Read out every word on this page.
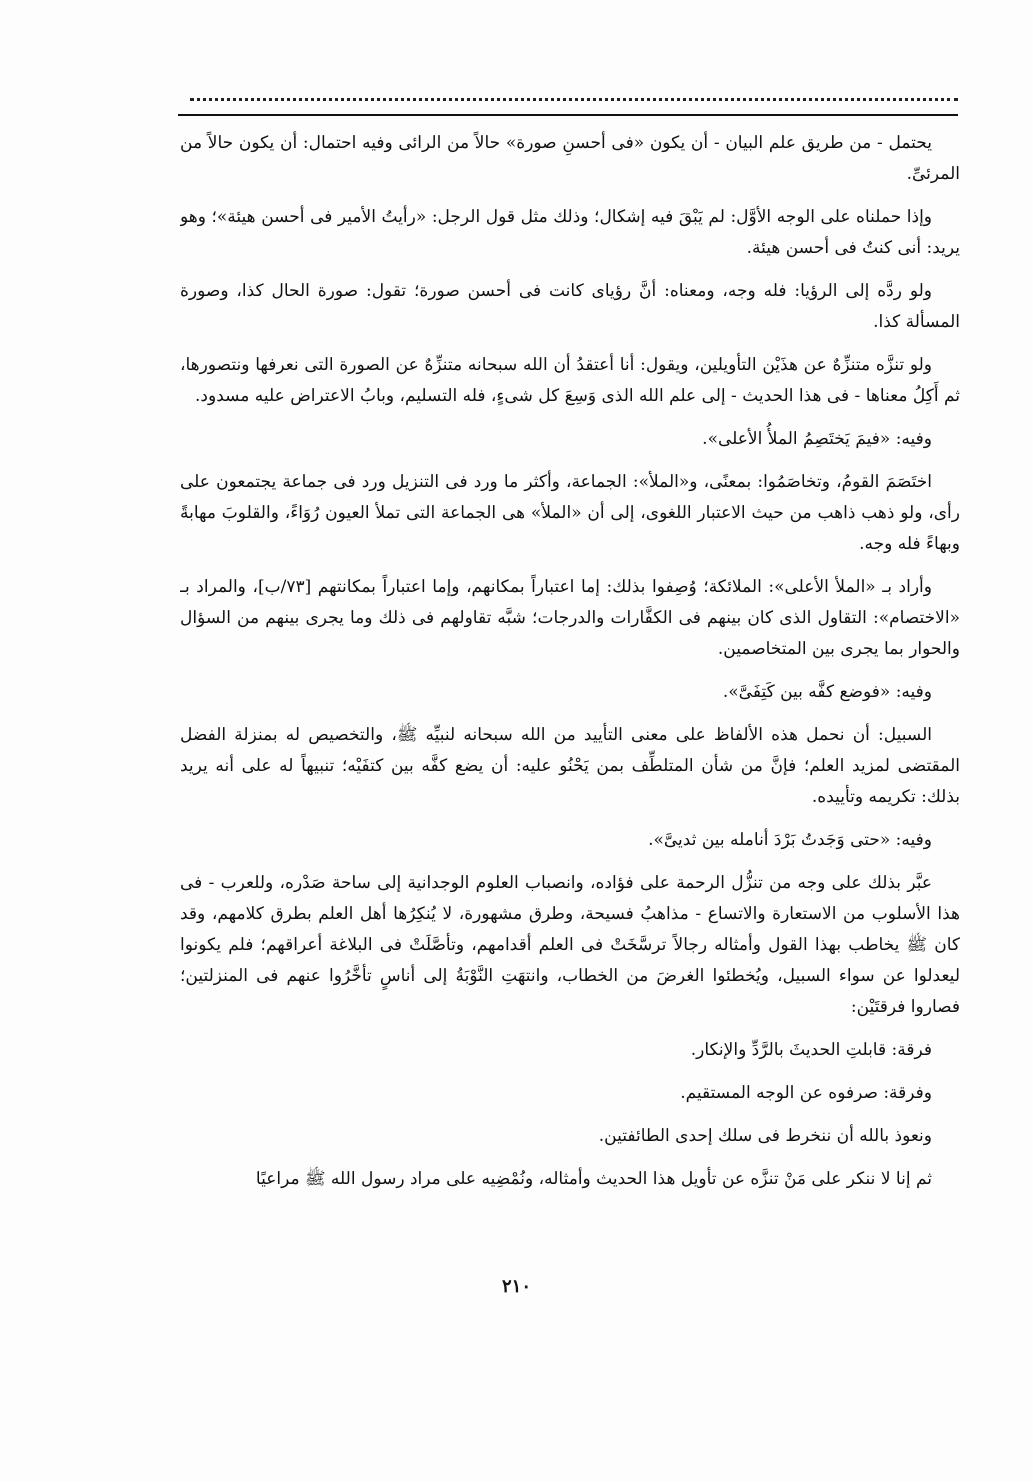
يحتمل - من طريق علم البيان - أن يكون «فى أحسنِ صورة» حالاً من الرائى وفيه احتمال: أن يكون حالاً من المرئىِّ.

وإذا حملناه على الوجه الأوَّل: لم يَبْقَ فيه إشكال؛ وذلك مثل قول الرجل: «رأيتُ الأمير فى أحسن هيئة»؛ وهو يريد: أنى كنتُ فى أحسن هيئة.

ولو ردَّه إلى الرؤيا: فله وجه، ومعناه: أنَّ رؤياى كانت فى أحسن صورة؛ تقول: صورة الحال كذا، وصورة المسألة كذا.

ولو تنزَّه متنزِّهٌ عن هذَيْن التأويلين، ويقول: أنا أعتقدُ أن الله سبحانه متنزِّهٌ عن الصورة التى نعرفها ونتصورها، ثم أَكِلُ معناها - فى هذا الحديث - إلى علم الله الذى وَسِعَ كل شىءٍ، فله التسليم، وبابُ الاعتراض عليه مسدود.

وفيه: «فيمَ يَختَصِمُ الملأُ الأعلى».

اختَصَمَ القومُ، وتخاصَمُوا: بمعنًى، و«الملأ»: الجماعة، وأكثر ما ورد فى التنزيل ورد فى جماعة يجتمعون على رأى، ولو ذهب ذاهب من حيث الاعتبار اللغوى، إلى أن «الملأ» هى الجماعة التى تملأ العيون رُوَاءً، والقلوبَ مهابةً وبهاءً فله وجه.

وأراد بـ «الملأ الأعلى»: الملائكة؛ وُصِفوا بذلك: إما اعتباراً بمكانهم، وإما اعتباراً بمكانتهم [٧٣/ب]، والمراد بـ «الاختصام»: التقاول الذى كان بينهم فى الكفَّارات والدرجات؛ شبَّه تقاولهم فى ذلك وما يجرى بينهم من السؤال والحوار بما يجرى بين المتخاصمين.

وفيه: «فوضع كفَّه بين كَتِفَىَّ».

السبيل: أن نحمل هذه الألفاظ على معنى التأييد من الله سبحانه لنبيِّه ﷺ، والتخصيص له بمنزلة الفضل المقتضى لمزيد العلم؛ فإنَّ من شأن المتلطِّف بمن يَحْنُو عليه: أن يضع كفَّه بين كتفَيْه؛ تنبيهاً له على أنه يريد بذلك: تكريمه وتأييده.

وفيه: «حتى وَجَدتُ بَرْدَ أنامله بين ثديىَّ».

عبَّر بذلك على وجه من تنزُّل الرحمة على فؤاده، وانصباب العلوم الوجدانية إلى ساحة صَدْره، وللعرب - فى هذا الأسلوب من الاستعارة والاتساع - مذاهبُ فسيحة، وطرق مشهورة، لا يُنكِرُها أهل العلم بطرق كلامهم، وقد كان ﷺ يخاطب بهذا القول وأمثاله رجالاً ترسَّخَتْ فى العلم أقدامهم، وتأصَّلَتْ فى البلاغة أعراقهم؛ فلم يكونوا ليعدلوا عن سواء السبيل، ويُخطئوا الغرضَ من الخطاب، وانتهَتِ النَّوْبَةُ إلى أناسٍ تأخَّرُوا عنهم فى المنزلتين؛ فصاروا فرقتَيْن:

فرقة: قابلتِ الحديثَ بالرَّدِّ والإنكار.

وفرقة: صرفوه عن الوجه المستقيم.

ونعوذ بالله أن ننخرط فى سلك إحدى الطائفتين.

ثم إنا لا ننكر على مَنْ تنزَّه عن تأويل هذا الحديث وأمثاله، ونُمْضِيه على مراد رسول الله ﷺ مراعيًا

٢١٠
